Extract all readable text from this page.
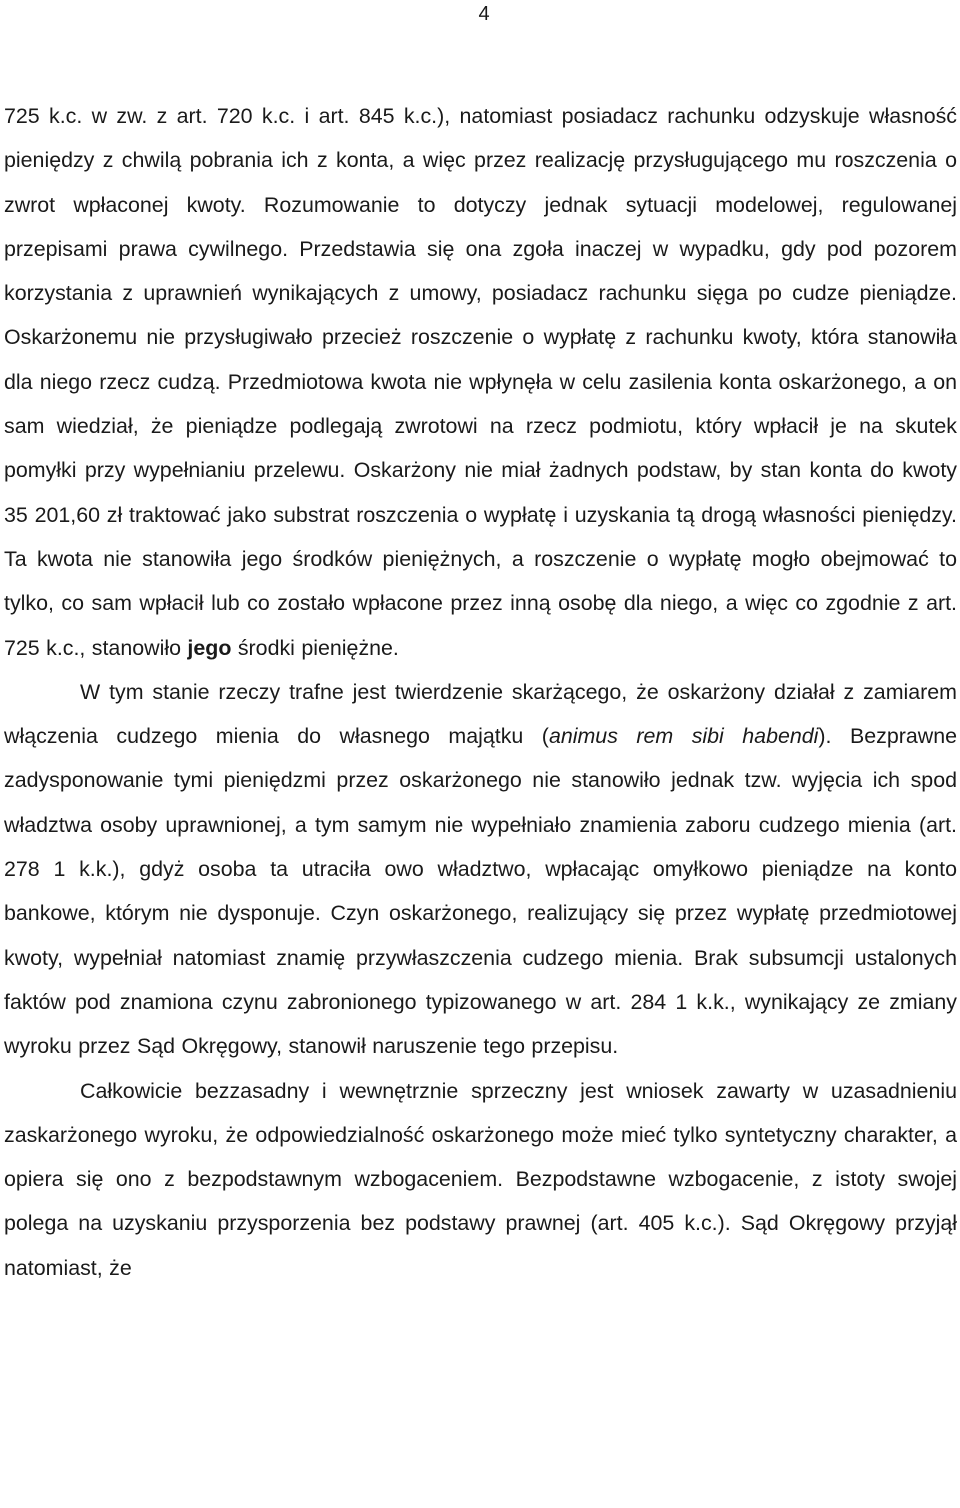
4

725 k.c. w zw. z art. 720 k.c. i art. 845 k.c.), natomiast posiadacz rachunku odzyskuje własność pieniędzy z chwilą pobrania ich z konta, a więc przez realizację przysługującego mu roszczenia o zwrot wpłaconej kwoty. Rozumowanie to dotyczy jednak sytuacji modelowej, regulowanej przepisami prawa cywilnego. Przedstawia się ona zgoła inaczej w wypadku, gdy pod pozorem korzystania z uprawnień wynikających z umowy, posiadacz rachunku sięga po cudze pieniądze. Oskarżonemu nie przysługiwało przecież roszczenie o wypłatę z rachunku kwoty, która stanowiła dla niego rzecz cudzą. Przedmiotowa kwota nie wpłynęła w celu zasilenia konta oskarżonego, a on sam wiedział, że pieniądze podlegają zwrotowi na rzecz podmiotu, który wpłacił je na skutek pomyłki przy wypełnianiu przelewu. Oskarżony nie miał żadnych podstaw, by stan konta do kwoty 35 201,60 zł traktować jako substrat roszczenia o wypłatę i uzyskania tą drogą własności pieniędzy. Ta kwota nie stanowiła jego środków pieniężnych, a roszczenie o wypłatę mogło obejmować to tylko, co sam wpłacił lub co zostało wpłacone przez inną osobę dla niego, a więc co zgodnie z art. 725 k.c., stanowiło jego środki pieniężne.

W tym stanie rzeczy trafne jest twierdzenie skarżącego, że oskarżony działał z zamiarem włączenia cudzego mienia do własnego majątku (animus rem sibi habendi). Bezprawne zadysponowanie tymi pieniędzmi przez oskarżonego nie stanowiło jednak tzw. wyjęcia ich spod władztwa osoby uprawnionej, a tym samym nie wypełniało znamienia zaboru cudzego mienia (art. 278 1 k.k.), gdyż osoba ta utraciła owo władztwo, wpłacając omyłkowo pieniądze na konto bankowe, którym nie dysponuje. Czyn oskarżonego, realizujący się przez wypłatę przedmiotowej kwoty, wypełniał natomiast znamię przywłaszczenia cudzego mienia. Brak subsumcji ustalonych faktów pod znamiona czynu zabronionego typizowanego w art. 284 1 k.k., wynikający ze zmiany wyroku przez Sąd Okręgowy, stanowił naruszenie tego przepisu.

Całkowicie bezzasadny i wewnętrznie sprzeczny jest wniosek zawarty w uzasadnieniu zaskarżonego wyroku, że odpowiedzialność oskarżonego może mieć tylko syntetyczny charakter, a opiera się ono z bezpodstawnym wzbogaceniem. Bezpodstawne wzbogacenie, z istoty swojej polega na uzyskaniu przysporzenia bez podstawy prawnej (art. 405 k.c.). Sąd Okręgowy przyjął natomiast, że
